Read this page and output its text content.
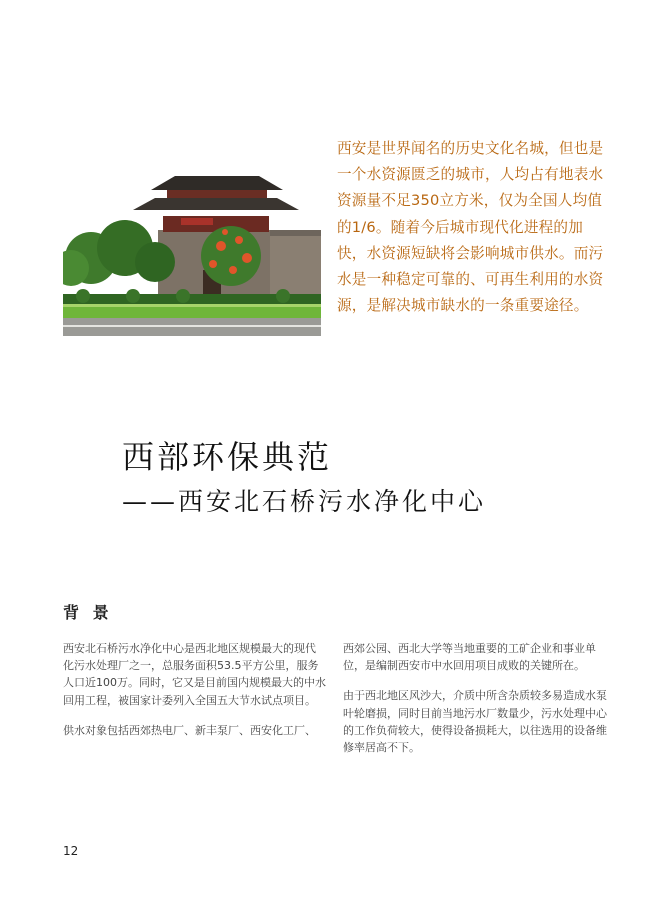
西安是世界闻名的历史文化名城，但也是一个水资源匮乏的城市，人均占有地表水资源量不足350立方米，仅为全国人均值的1/6。随着今后城市现代化进程的加快，水资源短缺将会影响城市供水。而污水是一种稳定可靠的、可再生利用的水资源，是解决城市缺水的一条重要途径。

西部环保典范
——西安北石桥污水净化中心
背 景

西安北石桥污水净化中心是西北地区规模最大的现代化污水处理厂之一，总服务面积53.5平方公里，服务人口近100万。同时，它又是目前国内规模最大的中水回用工程，被国家计委列入全国五大节水试点项目。

供水对象包括西郊热电厂、新丰泵厂、西安化工厂、

西郊公园、西北大学等当地重要的工矿企业和事业单位，是编制西安市中水回用项目成败的关键所在。

由于西北地区风沙大，介质中所含杂质较多易造成水泵叶轮磨损，同时目前当地污水厂数量少，污水处理中心的工作负荷较大，使得设备损耗大，以往选用的设备维修率居高不下。

12
